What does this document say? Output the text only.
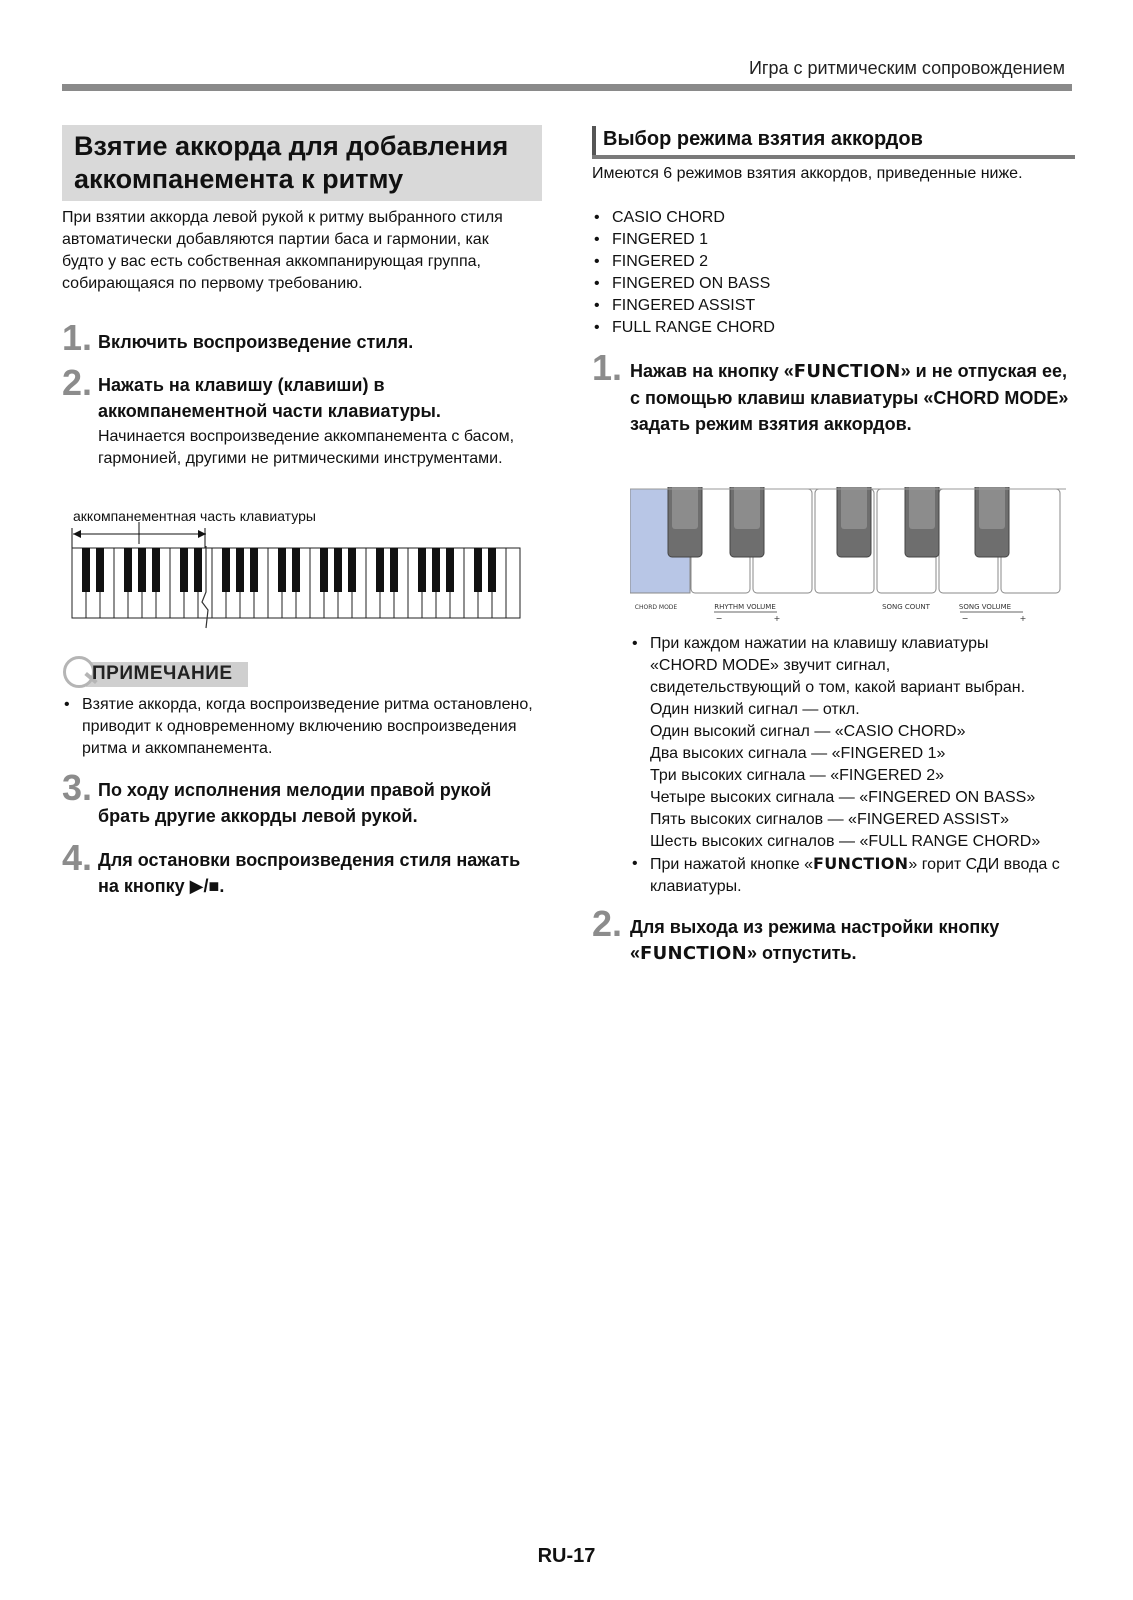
Игра с ритмическим сопровождением
Взятие аккорда для добавления аккомпанемента к ритму
При взятии аккорда левой рукой к ритму выбранного стиля автоматически добавляются партии баса и гармонии, как будто у вас есть собственная аккомпанирующая группа, собирающаяся по первому требованию.
1. Включить воспроизведение стиля.
2. Нажать на клавишу (клавиши) в аккомпанементной части клавиатуры.
Начинается воспроизведение аккомпанемента с басом, гармонией, другими не ритмическими инструментами.
аккомпанементная часть клавиатуры
ПРИМЕЧАНИЕ
• Взятие аккорда, когда воспроизведение ритма остановлено, приводит к одновременному включению воспроизведения ритма и аккомпанемента.
3. По ходу исполнения мелодии правой рукой брать другие аккорды левой рукой.
4. Для остановки воспроизведения стиля нажать на кнопку ▶/■.
Выбор режима взятия аккордов
Имеются 6 режимов взятия аккордов, приведенные ниже.
• CASIO CHORD
• FINGERED 1
• FINGERED 2
• FINGERED ON BASS
• FINGERED ASSIST
• FULL RANGE CHORD
1. Нажав на кнопку «FUNCTION» и не отпуская ее, с помощью клавиш клавиатуры «CHORD MODE» задать режим взятия аккордов.
CHORD MODE	RHYTHM VOLUME
−	+
SONG COUNT	SONG VOLUME
−	+
• При каждом нажатии на клавишу клавиатуры
«CHORD MODE» звучит сигнал,
свидетельствующий о том, какой вариант выбран.
Один низкий сигнал — откл.
Один высокий сигнал — «CASIO CHORD»
Два высоких сигнала — «FINGERED 1»
Три высоких сигнала — «FINGERED 2»
Четыре высоких сигнала — «FINGERED ON BASS»
Пять высоких сигналов — «FINGERED ASSIST»
Шесть высоких сигналов — «FULL RANGE CHORD»
• При нажатой кнопке «FUNCTION» горит СДИ ввода с клавиатуры.
2. Для выхода из режима настройки кнопку «FUNCTION» отпустить.
RU-17
